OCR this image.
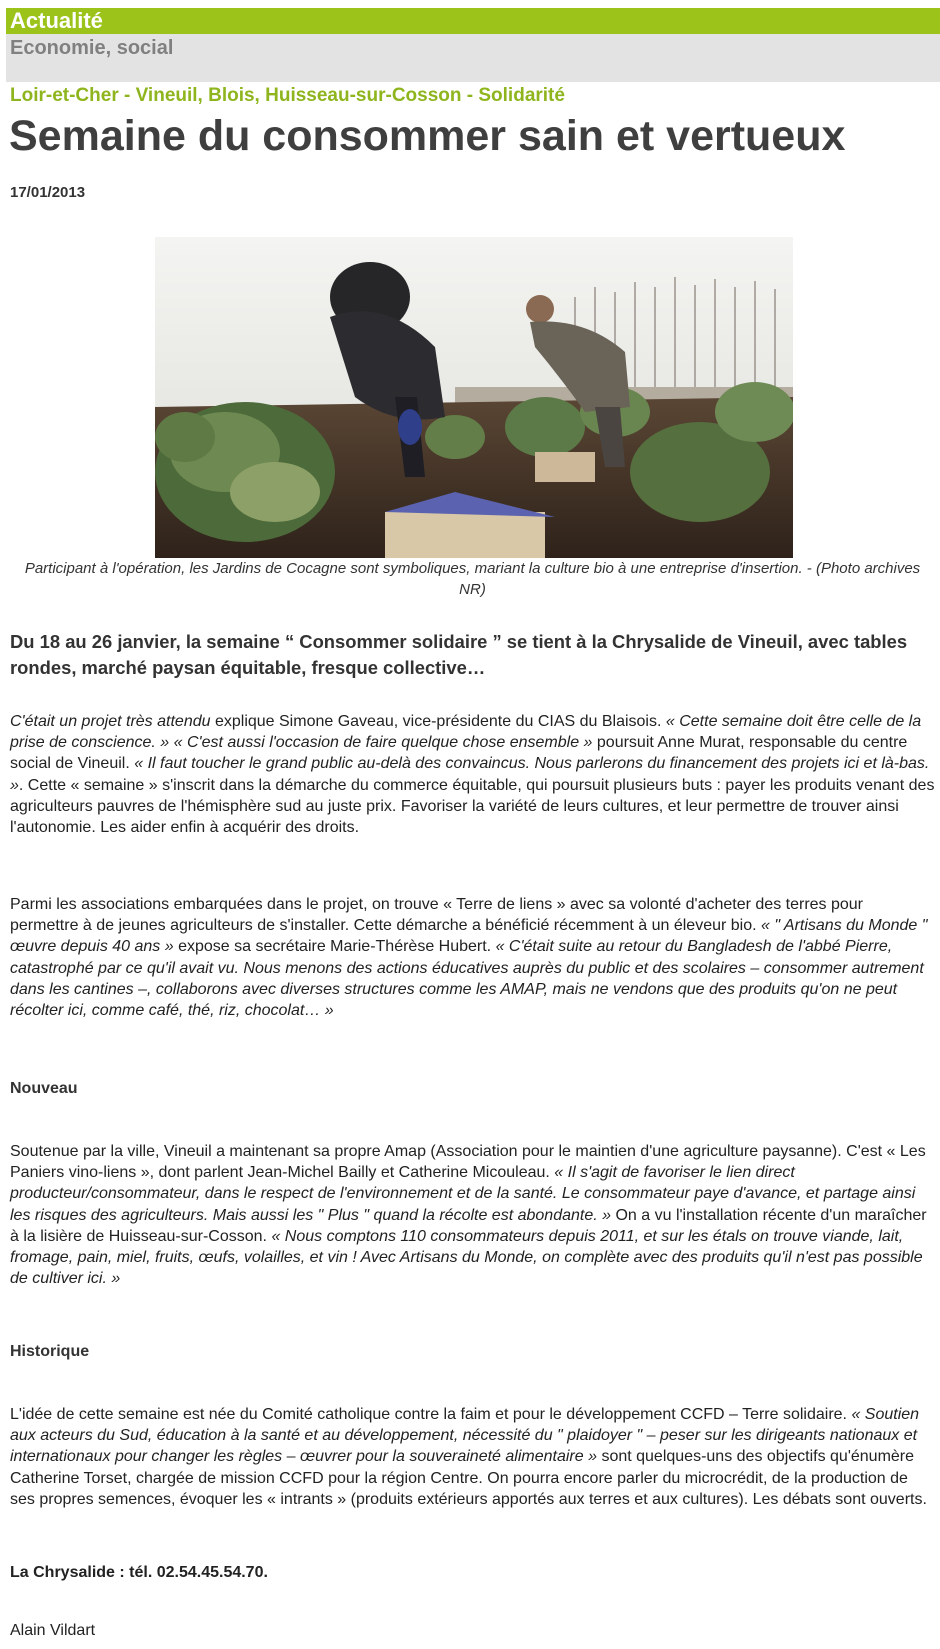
Actualité
Economie, social
Loir-et-Cher - Vineuil, Blois, Huisseau-sur-Cosson - Solidarité
Semaine du consommer sain et vertueux
17/01/2013
Participant à l'opération, les Jardins de Cocagne sont symboliques, mariant la culture bio à une entreprise d'insertion. - (Photo archives NR)
Du 18 au 26 janvier, la semaine “ Consommer solidaire ” se tient à la Chrysalide de Vineuil, avec tables rondes, marché paysan équitable, fresque collective…

C'était un projet très attendu explique Simone Gaveau, vice-présidente du CIAS du Blaisois. « Cette semaine doit être celle de la prise de conscience. » « C'est aussi l'occasion de faire quelque chose ensemble » poursuit Anne Murat, responsable du centre social de Vineuil. « Il faut toucher le grand public au-delà des convaincus. Nous parlerons du financement des projets ici et là-bas. ». Cette « semaine » s'inscrit dans la démarche du commerce équitable, qui poursuit plusieurs buts : payer les produits venant des agriculteurs pauvres de l'hémisphère sud au juste prix. Favoriser la variété de leurs cultures, et leur permettre de trouver ainsi l'autonomie. Les aider enfin à acquérir des droits.

Parmi les associations embarquées dans le projet, on trouve « Terre de liens » avec sa volonté d'acheter des terres pour permettre à de jeunes agriculteurs de s'installer. Cette démarche a bénéficié récemment à un éleveur bio. « " Artisans du Monde " œuvre depuis 40 ans » expose sa secrétaire Marie-Thérèse Hubert. « C'était suite au retour du Bangladesh de l'abbé Pierre, catastrophé par ce qu'il avait vu. Nous menons des actions éducatives auprès du public et des scolaires – consommer autrement dans les cantines –, collaborons avec diverses structures comme les AMAP, mais ne vendons que des produits qu'on ne peut récolter ici, comme café, thé, riz, chocolat… »

Nouveau

Soutenue par la ville, Vineuil a maintenant sa propre Amap (Association pour le maintien d'une agriculture paysanne). C'est « Les Paniers vino-liens », dont parlent Jean-Michel Bailly et Catherine Micouleau. « Il s'agit de favoriser le lien direct producteur/consommateur, dans le respect de l'environnement et de la santé. Le consommateur paye d'avance, et partage ainsi les risques des agriculteurs. Mais aussi les " Plus " quand la récolte est abondante. » On a vu l'installation récente d'un maraîcher à la lisière de Huisseau-sur-Cosson. « Nous comptons 110 consommateurs depuis 2011, et sur les étals on trouve viande, lait, fromage, pain, miel, fruits, œufs, volailles, et vin ! Avec Artisans du Monde, on complète avec des produits qu'il n'est pas possible de cultiver ici. »

Historique

L'idée de cette semaine est née du Comité catholique contre la faim et pour le développement CCFD – Terre solidaire. « Soutien aux acteurs du Sud, éducation à la santé et au développement, nécessité du " plaidoyer " – peser sur les dirigeants nationaux et internationaux pour changer les règles – œuvrer pour la souveraineté alimentaire » sont quelques-uns des objectifs qu'énumère Catherine Torset, chargée de mission CCFD pour la région Centre. On pourra encore parler du microcrédit, de la production de ses propres semences, évoquer les « intrants » (produits extérieurs apportés aux terres et aux cultures). Les débats sont ouverts.

La Chrysalide : tél. 02.54.45.54.70.
Alain Vildart
